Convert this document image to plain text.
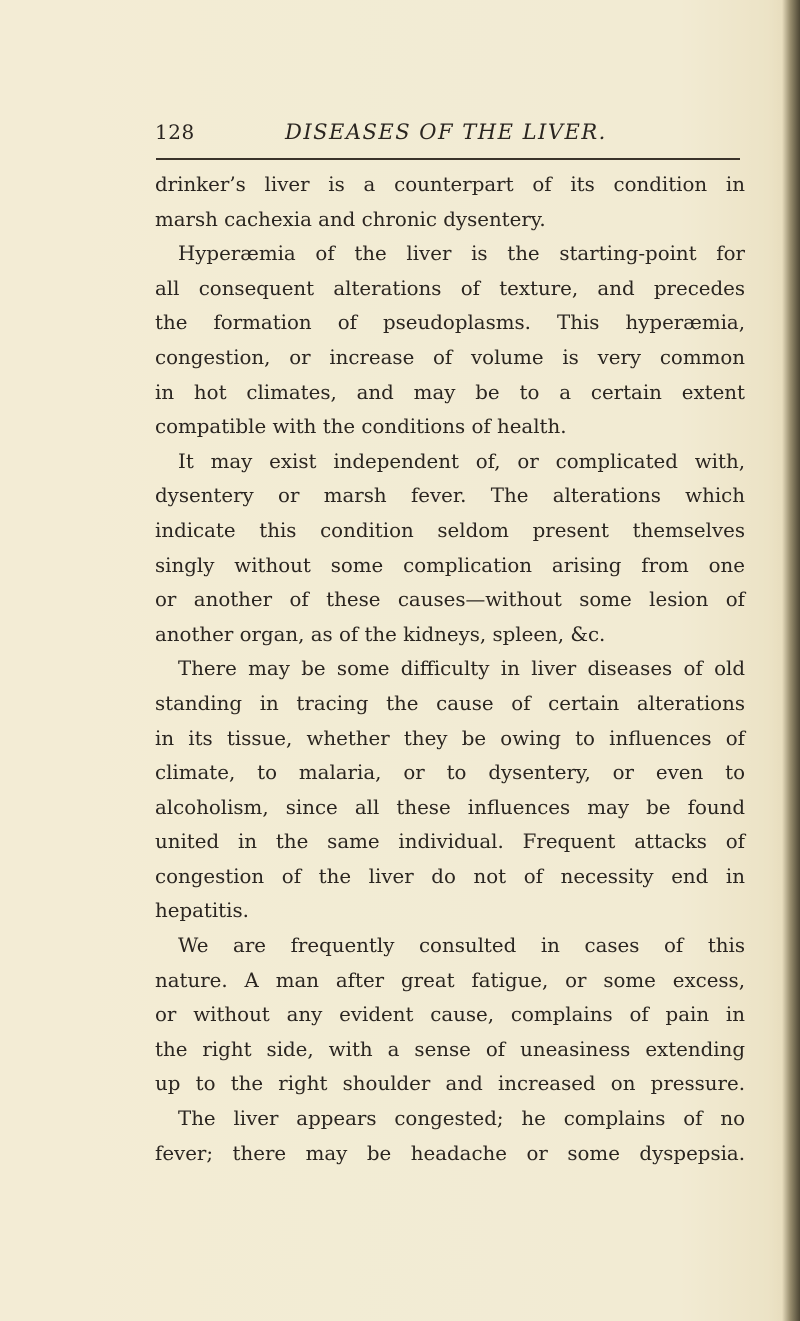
128	DISEASES OF THE LIVER.
drinker’s liver is a counterpart of its condition in
marsh cachexia and chronic dysentery.
Hyperæmia of the liver is the starting-point for
all consequent alterations of texture, and precedes
the formation of pseudoplasms. This hyperæmia,
congestion, or increase of volume is very common
in hot climates, and may be to a certain extent
compatible with the conditions of health.
It may exist independent of, or complicated with,
dysentery or marsh fever. The alterations which
indicate this condition seldom present themselves
singly without some complication arising from one
or another of these causes—without some lesion of
another organ, as of the kidneys, spleen, &c.
There may be some difficulty in liver diseases of old
standing in tracing the cause of certain alterations
in its tissue, whether they be owing to influences of
climate, to malaria, or to dysentery, or even to
alcoholism, since all these influences may be found
united in the same individual. Frequent attacks of
congestion of the liver do not of necessity end in
hepatitis.
We are frequently consulted in cases of this
nature. A man after great fatigue, or some excess,
or without any evident cause, complains of pain in
the right side, with a sense of uneasiness extending
up to the right shoulder and increased on pressure.
The liver appears congested; he complains of no
fever; there may be headache or some dyspepsia.
